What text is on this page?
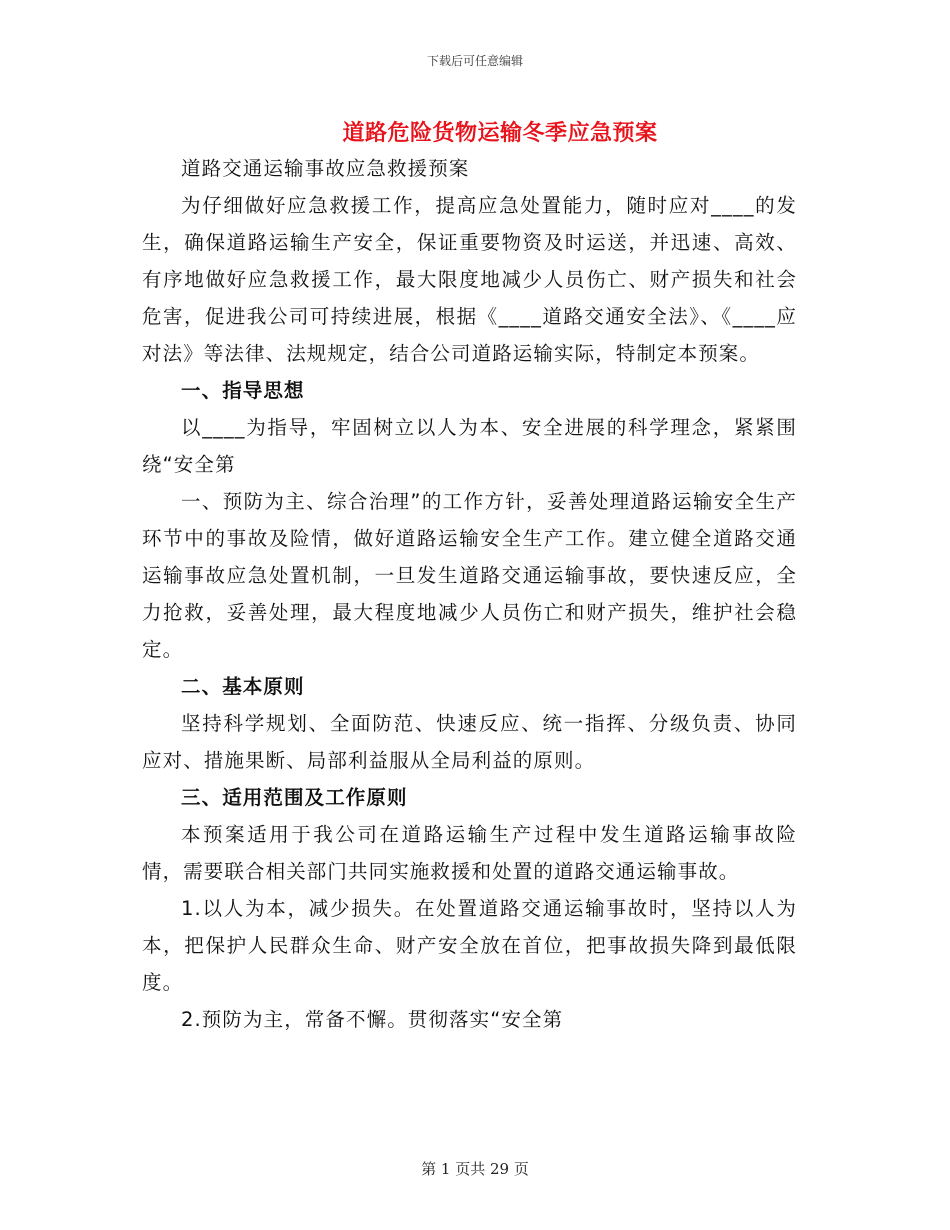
下载后可任意编辑
道路危险货物运输冬季应急预案

道路交通运输事故应急救援预案

为仔细做好应急救援工作，提高应急处置能力，随时应对____的发生，确保道路运输生产安全，保证重要物资及时运送，并迅速、高效、有序地做好应急救援工作，最大限度地减少人员伤亡、财产损失和社会危害，促进我公司可持续进展，根据《____道路交通安全法》、《____应对法》等法律、法规规定，结合公司道路运输实际，特制定本预案。

一、指导思想

以____为指导，牢固树立以人为本、安全进展的科学理念，紧紧围绕“安全第

一、预防为主、综合治理”的工作方针，妥善处理道路运输安全生产环节中的事故及险情，做好道路运输安全生产工作。建立健全道路交通运输事故应急处置机制，一旦发生道路交通运输事故，要快速反应，全力抢救，妥善处理，最大程度地减少人员伤亡和财产损失，维护社会稳定。

二、基本原则

坚持科学规划、全面防范、快速反应、统一指挥、分级负责、协同应对、措施果断、局部利益服从全局利益的原则。

三、适用范围及工作原则

本预案适用于我公司在道路运输生产过程中发生道路运输事故险情，需要联合相关部门共同实施救援和处置的道路交通运输事故。

1.以人为本，减少损失。在处置道路交通运输事故时，坚持以人为本，把保护人民群众生命、财产安全放在首位，把事故损失降到最低限度。

2.预防为主，常备不懈。贯彻落实“安全第

第 1 页共 29 页
